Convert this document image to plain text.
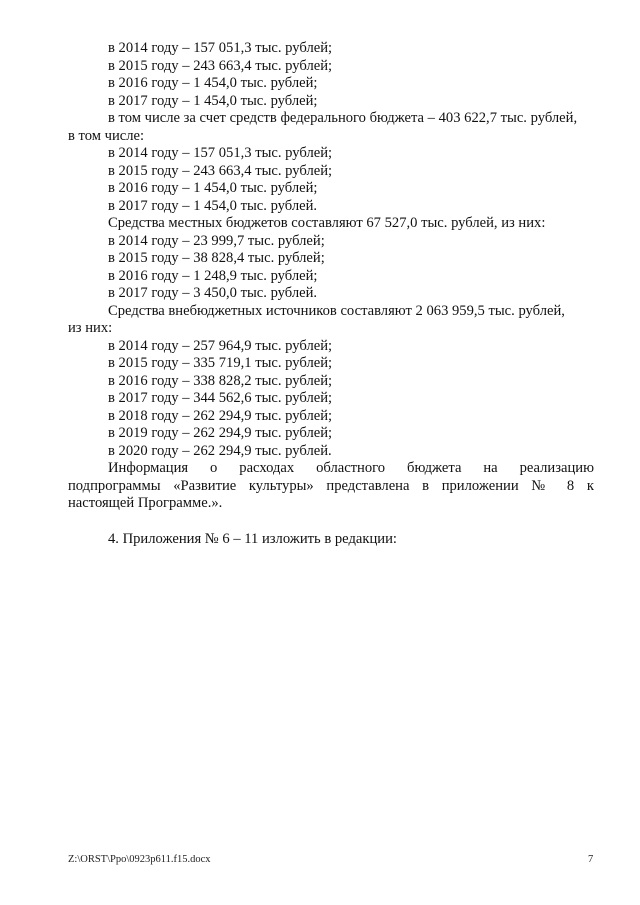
в 2014 году – 157 051,3 тыс. рублей;
в 2015 году – 243 663,4 тыс. рублей;
в 2016 году – 1 454,0 тыс. рублей;
в 2017 году – 1 454,0 тыс. рублей;
в том числе за счет средств федерального бюджета – 403 622,7 тыс. рублей,
в том числе:
в 2014 году – 157 051,3 тыс. рублей;
в 2015 году – 243 663,4 тыс. рублей;
в 2016 году – 1 454,0 тыс. рублей;
в 2017 году – 1 454,0 тыс. рублей.
Средства местных бюджетов составляют 67 527,0 тыс. рублей, из них:
в 2014 году – 23 999,7 тыс. рублей;
в 2015 году – 38 828,4 тыс. рублей;
в 2016 году – 1 248,9 тыс. рублей;
в 2017 году – 3 450,0 тыс. рублей.
Средства внебюджетных источников составляют 2 063 959,5 тыс. рублей,
из них:
в 2014 году – 257 964,9 тыс. рублей;
в 2015 году – 335 719,1 тыс. рублей;
в 2016 году – 338 828,2 тыс. рублей;
в 2017 году – 344 562,6 тыс. рублей;
в 2018 году – 262 294,9 тыс. рублей;
в 2019 году – 262 294,9 тыс. рублей;
в 2020 году – 262 294,9 тыс. рублей.
Информация о расходах областного бюджета на реализацию
подпрограммы «Развитие культуры» представлена в приложении № 8 к
настоящей Программе.».
4. Приложения № 6 – 11 изложить в редакции:
Z:\ORST\Ppo\0923p611.f15.docx	7
